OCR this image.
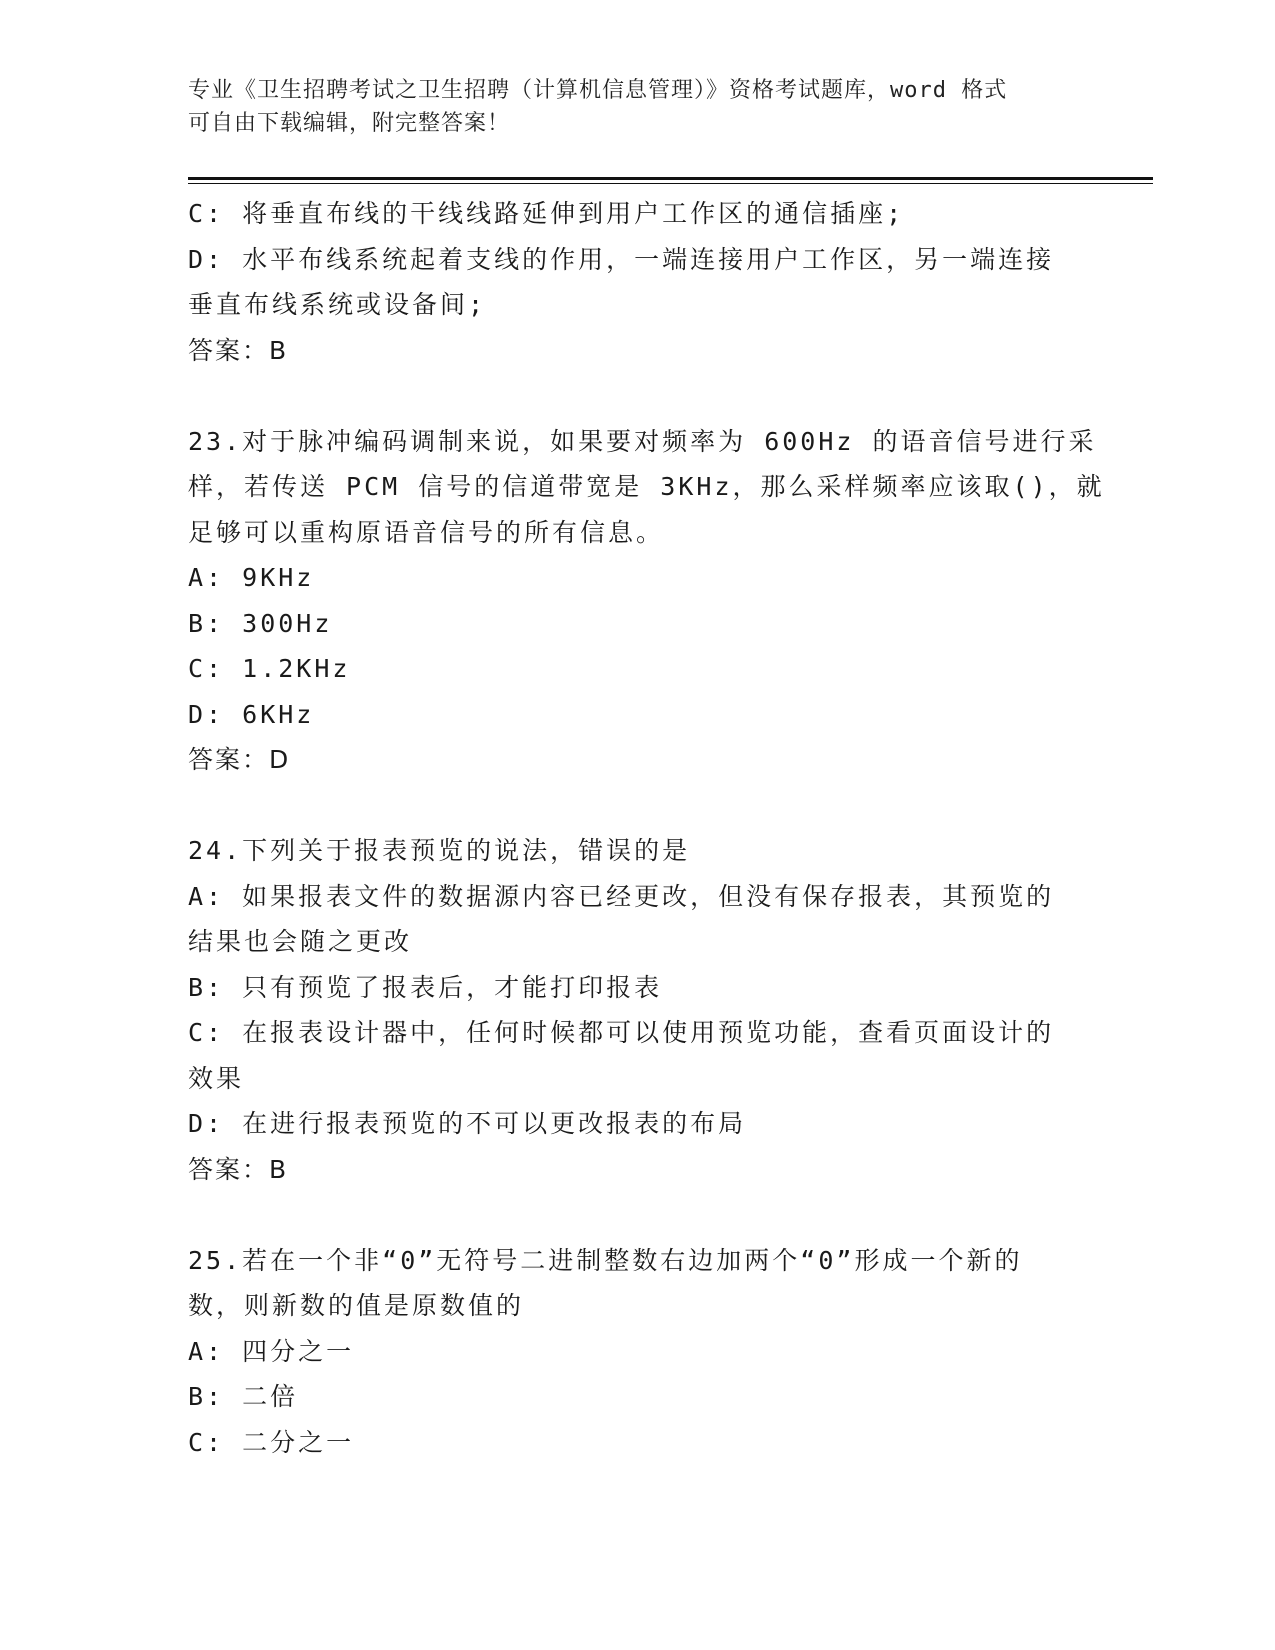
专业《卫生招聘考试之卫生招聘（计算机信息管理）》资格考试题库，word 格式
可自由下载编辑，附完整答案！

C: 将垂直布线的干线线路延伸到用户工作区的通信插座;

D: 水平布线系统起着支线的作用，一端连接用户工作区，另一端连接

垂直布线系统或设备间;

答案：B

23.对于脉冲编码调制来说，如果要对频率为 600Hz 的语音信号进行采

样，若传送 PCM 信号的信道带宽是 3KHz，那么采样频率应该取()，就

足够可以重构原语音信号的所有信息。

A: 9KHz

B: 300Hz

C: 1.2KHz

D: 6KHz

答案：D

24.下列关于报表预览的说法，错误的是

A: 如果报表文件的数据源内容已经更改，但没有保存报表，其预览的

结果也会随之更改

B: 只有预览了报表后，才能打印报表

C: 在报表设计器中，任何时候都可以使用预览功能，查看页面设计的

效果

D: 在进行报表预览的不可以更改报表的布局

答案：B

25.若在一个非“0”无符号二进制整数右边加两个“0”形成一个新的

数，则新数的值是原数值的

A: 四分之一

B: 二倍

C: 二分之一
